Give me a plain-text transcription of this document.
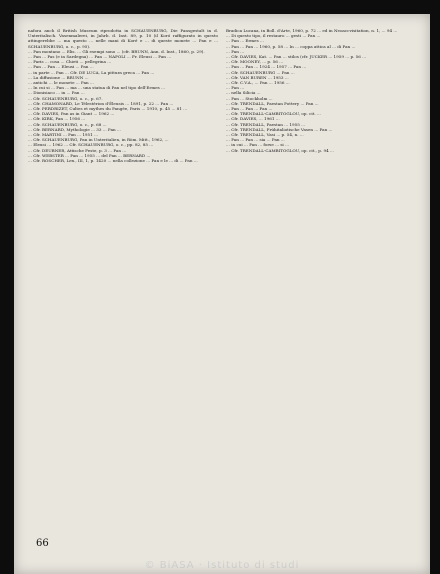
nafora anch il British Museum riprodotta in SCHAUENBURG, Die Pansgestalt in d. Unteritalisch. Vasenmalerei, in Jahrb. d. Inst. 89, p. 10 (il Koró raffigurato in questo attingerebbe ... ma questo ... nelle mani di Koré e ... di queste monete ... Pan e ... SCHAUENBURG, o. c., p. 95).

... Pan montano ... Elis. ... Gli esempi sono ... (cfr. BRUNN, Ann. d. Inst., 1860, p. 29).

... Pan ... Pas (e in Sardegna) ... Pan ... NAPOLI ... Fr. Eleusi ... Pan ...

... Paris ... cosa ... Chieti ... pellegrina ...

... Pan ... Pan ... Eleusi ... Pan ...

... in parte ... Pan ... Cfr. DE LUCA, La pittura greca ... Pan ...

... La diffusione ... BRUNN ...

... antichi ... le monete ... Pan ...

... In cui si ... Pan ... ma ... una statua di Pan nel tipo dell'Ermes ...

... Dionisiaco ... in ... Pan ...

... Cfr. SCHAUENBURG, o. c., p. 67.

... Cfr. CHAMONARD, Le Télestérion d'Éleusis ... 1891, p. 22 ... Pan ...

... Cfr. PERDRIZET, Cultes et mythes du Pangée, Paris ... 1910, p. 45 ... 81 ...

... Cfr. DAVIES, Pan as in Giant ... 1962 ...

... Cfr. KIRK, Pan ... 1956 ...

... Cfr. SCHAUENBURG, o. c., p. 68 ...

... Cfr. BERNARD, Mythologie ... 33 ... Pan ...

... Cfr. MARTINI ... Pan ... 1951 ...

... Cfr. SCHAUENBURG, Pan in Unteritalien, in Röm. Mitt., 1962, ...

... Eleusi ... 1962 ... Cfr. SCHAUENBURG, o. c., pp. 82, 85 ...

... Cfr. DEUBNER, Attische Feste, p. 3 ... Pan ...

... Cfr. WEBSTER ... Pan ... 1955 ... del Pan ... BERNARD ...

... Cfr. ROSCHER, Lex., III, 1, p. 1420 ... nella collezione ... Pan e le ... di ... Pan ...

Bradica Lucana, in Boll. d'Arte, 1960, p. 72 ... ed in Neoaccvisitation, n. 1, ... 94 ...

... Di questo tipo, il restauro ... gesti ... Pan ...

... Pan ... Ermes ...

... Pan ... Pan ... 1960, p. 58 ... In ... coppa attica al ... di Pan ...

... Pan ...

... Cfr. DAVIES, Kat. ... Pan ... stilos (cfr. JUCKER ... 1959 ... p. 56 ...

... Cfr. MOONEY, ... p. 56 ...

... Pan ... Pan ... 1924 ... 1957 ... Pan ...

... Cfr. SCHAUENBURG ... Pan ...

... Cfr. VAN BUREN ... 1953 ...

... Cfr. C.V.A., ... Pan ... 1956 ...

... Pan ...

... nella Silicia ...

... Pan ... Stockholm ...

... Cfr. TRENDALL, Paestan Pottery ... Pan ...

... Pan ... Pan ... Pan ...

... Cfr. TRENDALL-CAMBITOGLOU, op. cit. ...

... Cfr. DAVIES, ... 1961 ...

... Cfr. TRENDALL, Paestan ... 1955 ...

... Cfr. TRENDALL, Frühitaliotische Vasen ... Pan ...

... Cfr. TRENDALL, Vasi ... p. 54, n. ...

... Pan ... Pan ... sia ... Pan ...

... in cui ... Pan ... forse ... si ...

... Cfr. TRENDALL-CAMBITOGLOU, op. cit., p. 94 ...

66
© BiASA · Istituto di studi
